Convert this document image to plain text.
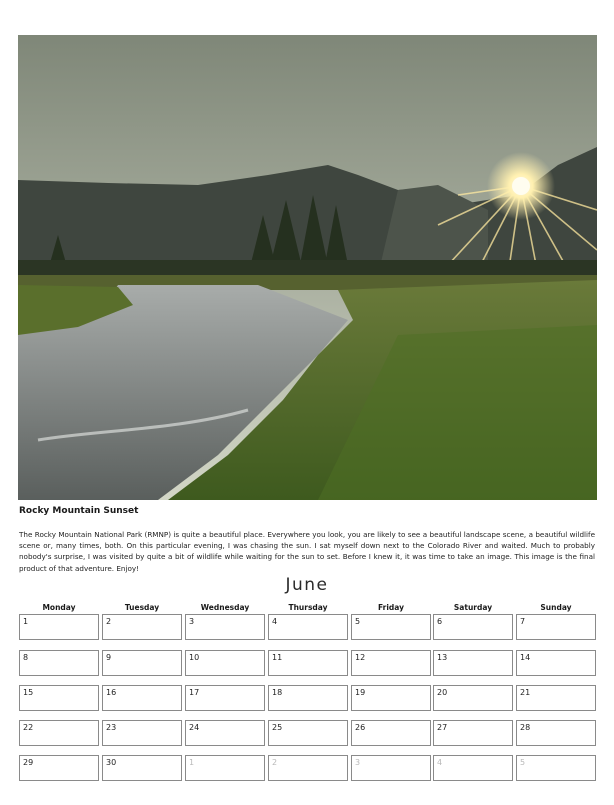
Rocky Mountain Sunset
The Rocky Mountain National Park (RMNP) is quite a beautiful place. Everywhere you look, you are likely to see a beautiful landscape scene, a beautiful wildlife scene or, many times, both. On this particular evening, I was chasing the sun. I sat myself down next to the Colorado River and waited. Much to probably nobody's surprise, I was visited by quite a bit of wildlife while waiting for the sun to set. Before I knew it, it was time to take an image. This image is the final product of that adventure. Enjoy!
June
Monday	Tuesday	Wednesday	Thursday	Friday	Saturday	Sunday
1	2	3	4	5	6	7
8	9	10	11	12	13	14
15	16	17	18	19	20	21
22	23	24	25	26	27	28
29	30	1	2	3	4	5
